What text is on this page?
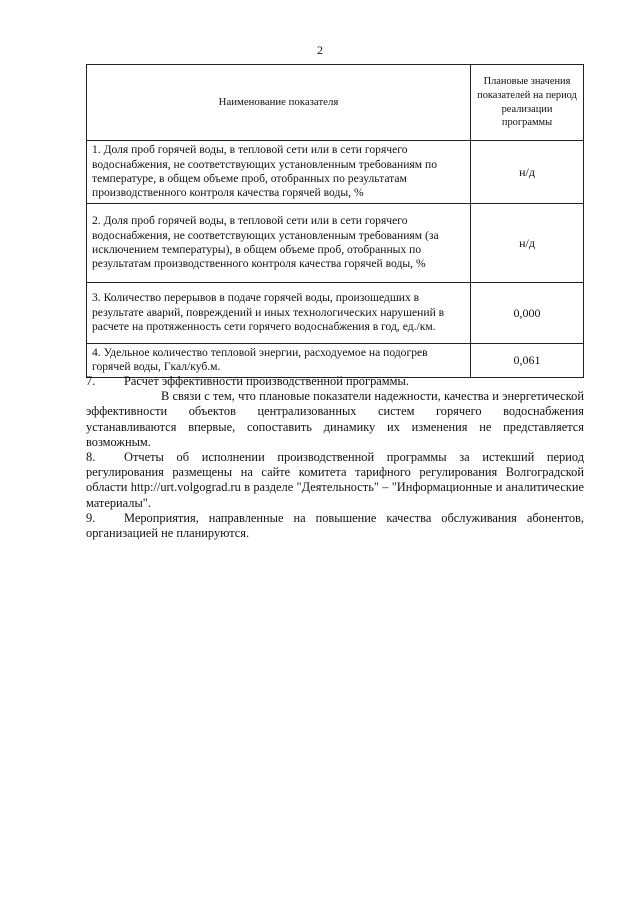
2
Наименование показателя	Плановые значения показателей на период реализации программы
1. Доля проб горячей воды, в тепловой сети или в сети горячего водоснабжения, не соответствующих установленным требованиям по температуре, в общем объеме проб, отобранных по результатам производственного контроля качества горячей воды, %	н/д
2. Доля проб горячей воды, в тепловой сети или в сети горячего водоснабжения, не соответствующих установленным требованиям (за исключением температуры), в общем объеме проб, отобранных по результатам производственного контроля качества горячей воды, %	н/д
3. Количество перерывов в подаче горячей воды, произошедших в результате аварий, повреждений и иных технологических нарушений в расчете на протяженность сети горячего водоснабжения в год, ед./км.	0,000
4. Удельное количество тепловой энергии, расходуемое на подогрев горячей воды, Гкал/куб.м.	0,061

7. Расчет эффективности производственной программы.

В связи с тем, что плановые показатели надежности, качества и энергетической эффективности объектов централизованных систем горячего водоснабжения устанавливаются впервые, сопоставить динамику их изменения не представляется возможным.

8. Отчеты об исполнении производственной программы за истекший период регулирования размещены на сайте комитета тарифного регулирования Волгоградской области http://urt.volgograd.ru в разделе "Деятельность" – "Информационные и аналитические материалы".

9. Мероприятия, направленные на повышение качества обслуживания абонентов, организацией не планируются.
